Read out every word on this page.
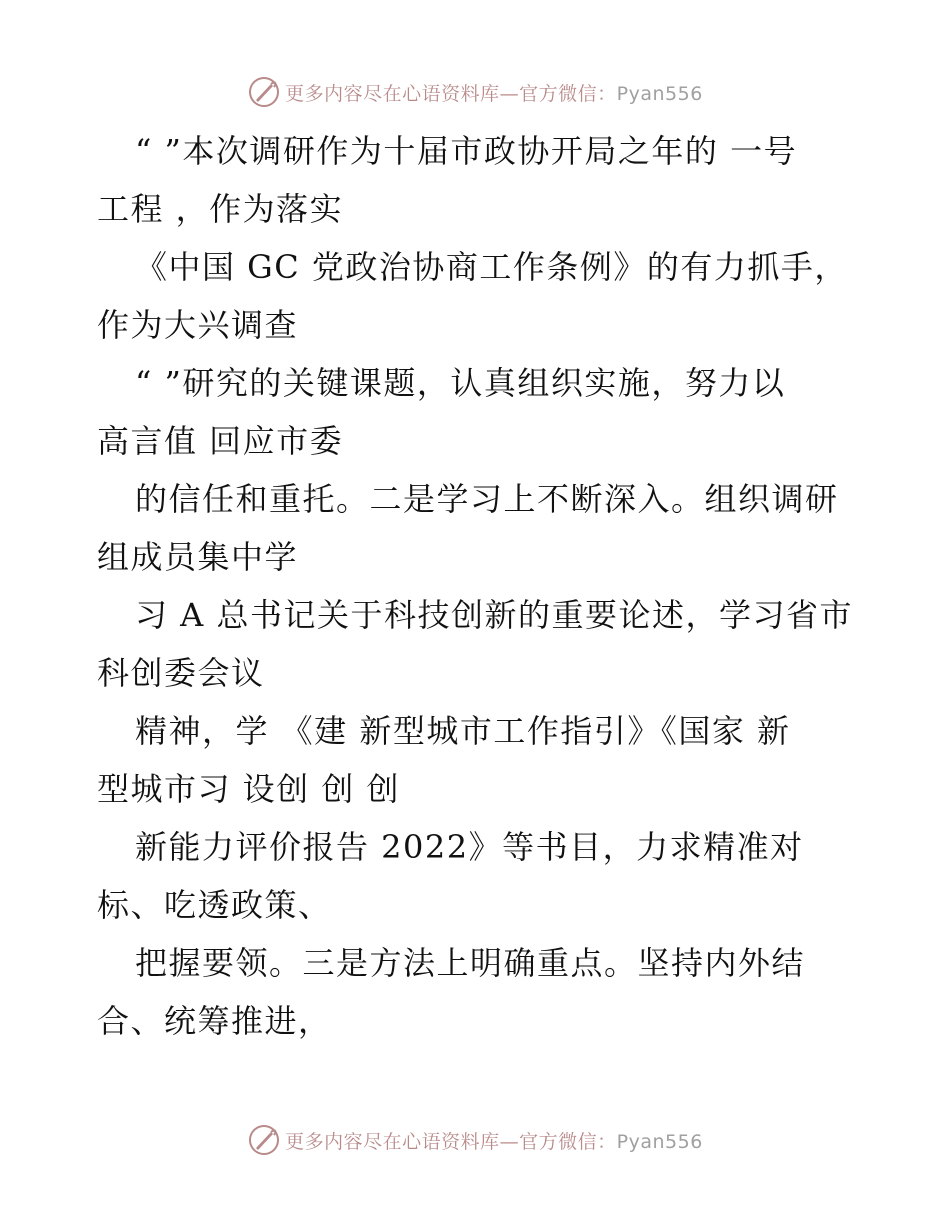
更多内容尽在心语资料库—官方微信：Pyan556
“ ”本次调研作为十届市政协开局之年的 一号
工程 ，作为落实
《中国 GC 党政治协商工作条例》的有力抓手，
作为大兴调查
“ ”研究的关键课题，认真组织实施，努力以
高言值 回应市委
的信任和重托。二是学习上不断深入。组织调研
组成员集中学
习 A 总书记关于科技创新的重要论述，学习省市
科创委会议
精神，学 《建 新型城市工作指引》《国家 新
型城市习 设创 创 创
新能力评价报告 2022》等书目，力求精准对
标、吃透政策、
把握要领。三是方法上明确重点。坚持内外结
合、统筹推进，
更多内容尽在心语资料库—官方微信：Pyan556
